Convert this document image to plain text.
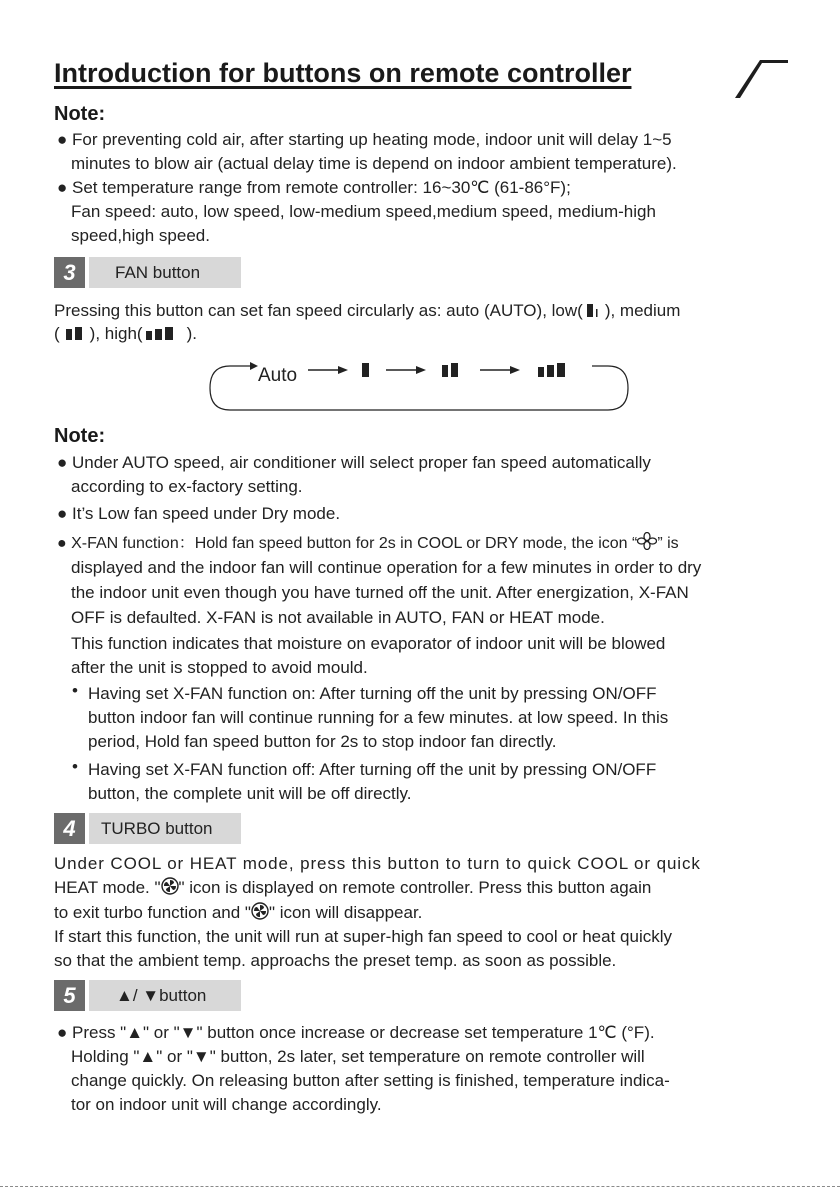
Introduction for buttons on remote controller
Note:
● For preventing cold air, after starting up heating mode, indoor unit will delay 1~5
minutes to blow air (actual delay time is depend on indoor ambient temperature).
● Set temperature range from remote controller: 16~30℃ (61-86°F);
Fan speed: auto, low speed, low-medium speed,medium speed, medium-high
speed,high speed.
3	FAN button
Pressing this button can set fan speed circularly as: auto (AUTO), low( ), medium
( ), high(	).
Auto
Note:
● Under AUTO speed, air conditioner will select proper fan speed automatically
according to ex-factory setting.
● It’s Low fan speed under Dry mode.
● X-FAN function：Hold fan speed button for 2s in COOL or DRY mode, the icon “ ” is
displayed and the indoor fan will continue operation for a few minutes in order to dry
the indoor unit even though you have turned off the unit. After energization, X-FAN
OFF is defaulted. X-FAN is not available in AUTO, FAN or HEAT mode.
This function indicates that moisture on evaporator of indoor unit will be blowed
after the unit is stopped to avoid mould.
• Having set X-FAN function on: After turning off the unit by pressing ON/OFF
button indoor fan will continue running for a few minutes. at low speed. In this
period, Hold fan speed button for 2s to stop indoor fan directly.
• Having set X-FAN function off: After turning off the unit by pressing ON/OFF
button, the complete unit will be off directly.
4	TURBO button
Under COOL or HEAT mode, press this button to turn to quick COOL or quick
HEAT mode. " " icon is displayed on remote controller. Press this button again
to exit turbo function and " " icon will disappear.
If start this function, the unit will run at super-high fan speed to cool or heat quickly
so that the ambient temp. approachs the preset temp. as soon as possible.
5	▲/ ▼button
● Press "▲" or "▼" button once increase or decrease set temperature 1℃ (°F).
Holding "▲" or "▼" button, 2s later, set temperature on remote controller will
change quickly. On releasing button after setting is finished, temperature indica-
tor on indoor unit will change accordingly.
